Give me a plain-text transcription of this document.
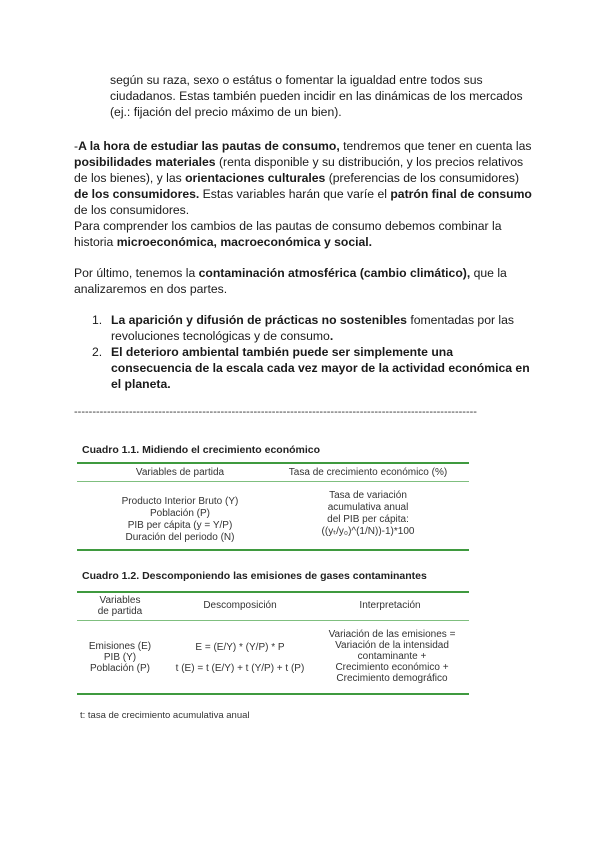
según su raza, sexo o estátus o fomentar la igualdad entre todos sus
ciudadanos. Estas también pueden incidir en las dinámicas de los mercados
(ej.: fijación del precio máximo de un bien).
-A la hora de estudiar las pautas de consumo, tendremos que tener en cuenta las
posibilidades materiales (renta disponible y su distribución, y los precios relativos
de los bienes), y las orientaciones culturales (preferencias de los consumidores)
de los consumidores. Estas variables harán que varíe el patrón final de consumo
de los consumidores.
Para comprender los cambios de las pautas de consumo debemos combinar la
historia microeconómica, macroeconómica y social.
Por último, tenemos la contaminación atmosférica (cambio climático), que la
analizaremos en dos partes.
1. La aparición y difusión de prácticas no sostenibles fomentadas por las
revoluciones tecnológicas y de consumo.
2. El deterioro ambiental también puede ser simplemente una
consecuencia de la escala cada vez mayor de la actividad económica en
el planeta.
--------------------------------------------------------------------------------------------------------------
Cuadro 1.1. Midiendo el crecimiento económico
Variables de partida	Tasa de crecimiento económico (%)
Producto Interior Bruto (Y)
Población (P)
PIB per cápita (y = Y/P)
Duración del periodo (N)
Tasa de variación
acumulativa anual
del PIB per cápita:
((yₜ/y₀)^(1/N))-1)*100
Cuadro 1.2. Descomponiendo las emisiones de gases contaminantes
Variables
de partida
Descomposición	Interpretación
Emisiones (E)
PIB (Y)
Población (P)
E = (E/Y) * (Y/P) * P
t (E) = t (E/Y) + t (Y/P) + t (P)
Variación de las emisiones =
Variación de la intensidad
contaminante +
Crecimiento económico +
Crecimiento demográfico
t: tasa de crecimiento acumulativa anual
